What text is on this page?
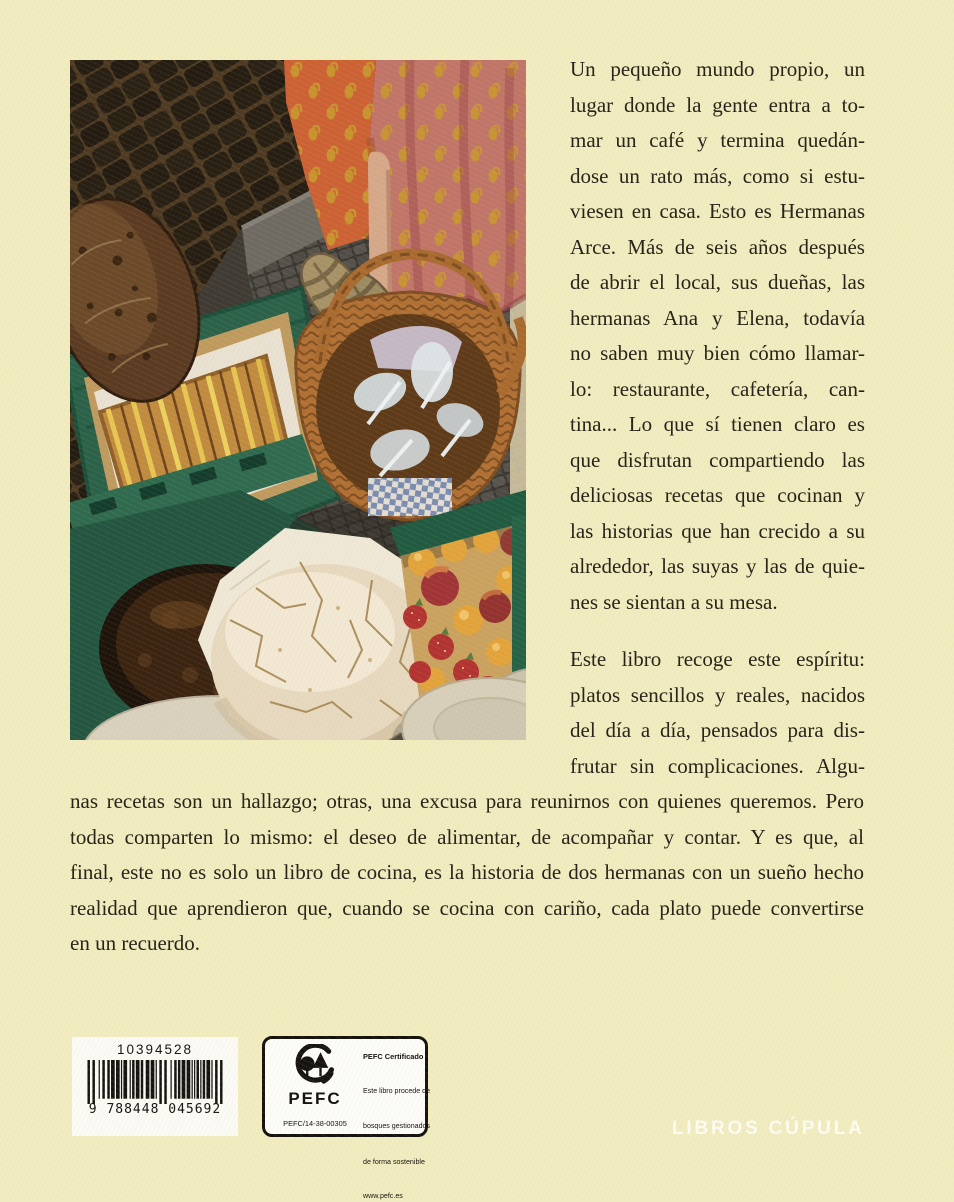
Un pequeño mundo propio, un
lugar donde la gente entra a to-
mar un café y termina quedán-
dose un rato más, como si estu-
viesen en casa. Esto es Hermanas
Arce. Más de seis años después
de abrir el local, sus dueñas, las
hermanas Ana y Elena, todavía
no saben muy bien cómo llamar-
lo: restaurante, cafetería, can-
tina... Lo que sí tienen claro es
que disfrutan compartiendo las
deliciosas recetas que cocinan y
las historias que han crecido a su
alrededor, las suyas y las de quie-
nes se sientan a su mesa.
Este libro recoge este espíritu:
platos sencillos y reales, nacidos
del día a día, pensados para dis-
frutar sin complicaciones. Algu-
nas recetas son un hallazgo; otras, una excusa para reunirnos con quienes queremos. Pero
todas comparten lo mismo: el deseo de alimentar, de acompañar y contar. Y es que, al
final, este no es solo un libro de cocina, es la historia de dos hermanas con un sueño hecho
realidad que aprendieron que, cuando se cocina con cariño, cada plato puede convertirse
en un recuerdo.
10394528
9 788448 045692
PEFC
PEFC/14-38-00305
PEFC Certificado
Este libro procede de
bosques gestionados
de forma sostenible
www.pefc.es
LIBROS CÚPULA
